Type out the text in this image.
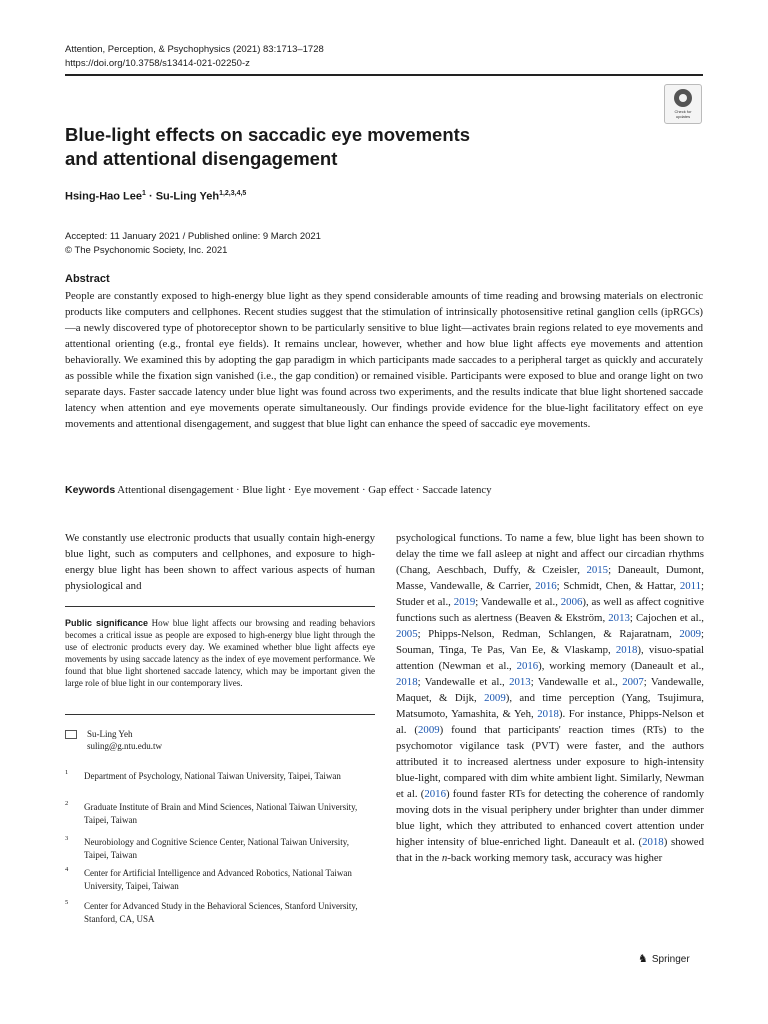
Attention, Perception, & Psychophysics (2021) 83:1713–1728
https://doi.org/10.3758/s13414-021-02250-z
Check for
updates
Blue-light effects on saccadic eye movements
and attentional disengagement
Hsing-Hao Lee$^1$ · Su-Ling Yeh$^{1,2,3,4,5}$
Accepted: 11 January 2021 / Published online: 9 March 2021
© The Psychonomic Society, Inc. 2021
Abstract
People are constantly exposed to high-energy blue light as they spend considerable amounts of time reading and browsing materials on electronic products like computers and cellphones. Recent studies suggest that the stimulation of intrinsically photosensitive retinal ganglion cells (ipRGCs)—a newly discovered type of photoreceptor shown to be particularly sensitive to blue light—activates brain regions related to eye movements and attentional orienting (e.g., frontal eye fields). It remains unclear, however, whether and how blue light affects eye movements and attention behaviorally. We examined this by adopting the gap paradigm in which participants made saccades to a peripheral target as quickly and accurately as possible while the fixation sign vanished (i.e., the gap condition) or remained visible. Participants were exposed to blue and orange light on two separate days. Faster saccade latency under blue light was found across two experiments, and the results indicate that blue light shortened saccade latency when attention and eye movements operate simultaneously. Our findings provide evidence for the blue-light facilitatory effect on eye movements and attentional disengagement, and suggest that blue light can enhance the speed of saccadic eye movements.
Keywords Attentional disengagement · Blue light · Eye movement · Gap effect · Saccade latency
We constantly use electronic products that usually contain high-energy blue light, such as computers and cellphones, and exposure to high-energy blue light has been shown to affect various aspects of human physiological and
Public significance How blue light affects our browsing and reading behaviors becomes a critical issue as people are exposed to high-energy blue light through the use of electronic products every day. We examined whether blue light affects eye movements by using saccade latency as the index of eye movement performance. We found that blue light shortened saccade latency, which may be important given the large role of blue light in our contemporary lives.
Su-Ling Yeh
suling@g.ntu.edu.tw
1 Department of Psychology, National Taiwan University, Taipei, Taiwan
2 Graduate Institute of Brain and Mind Sciences, National Taiwan University, Taipei, Taiwan
3 Neurobiology and Cognitive Science Center, National Taiwan University, Taipei, Taiwan
4 Center for Artificial Intelligence and Advanced Robotics, National Taiwan University, Taipei, Taiwan
5 Center for Advanced Study in the Behavioral Sciences, Stanford University, Stanford, CA, USA
psychological functions. To name a few, blue light has been shown to delay the time we fall asleep at night and affect our circadian rhythms (Chang, Aeschbach, Duffy, & Czeisler, 2015; Daneault, Dumont, Masse, Vandewalle, & Carrier, 2016; Schmidt, Chen, & Hattar, 2011; Studer et al., 2019; Vandewalle et al., 2006), as well as affect cognitive functions such as alertness (Beaven & Ekström, 2013; Cajochen et al., 2005; Phipps-Nelson, Redman, Schlangen, & Rajaratnam, 2009; Souman, Tinga, Te Pas, Van Ee, & Vlaskamp, 2018), visuo-spatial attention (Newman et al., 2016), working memory (Daneault et al., 2018; Vandewalle et al., 2013; Vandewalle et al., 2007; Vandewalle, Maquet, & Dijk, 2009), and time perception (Yang, Tsujimura, Matsumoto, Yamashita, & Yeh, 2018). For instance, Phipps-Nelson et al. (2009) found that participants' reaction times (RTs) to the psychomotor vigilance task (PVT) were faster, and the authors attributed it to increased alertness under exposure to high-intensity blue-light, compared with dim white ambient light. Similarly, Newman et al. (2016) found faster RTs for detecting the coherence of randomly moving dots in the visual periphery under brighter than under dimmer blue light, which they attributed to enhanced covert attention under higher intensity of blue-enriched light. Daneault et al. (2018) showed that in the n-back working memory task, accuracy was higher
♞ Springer
